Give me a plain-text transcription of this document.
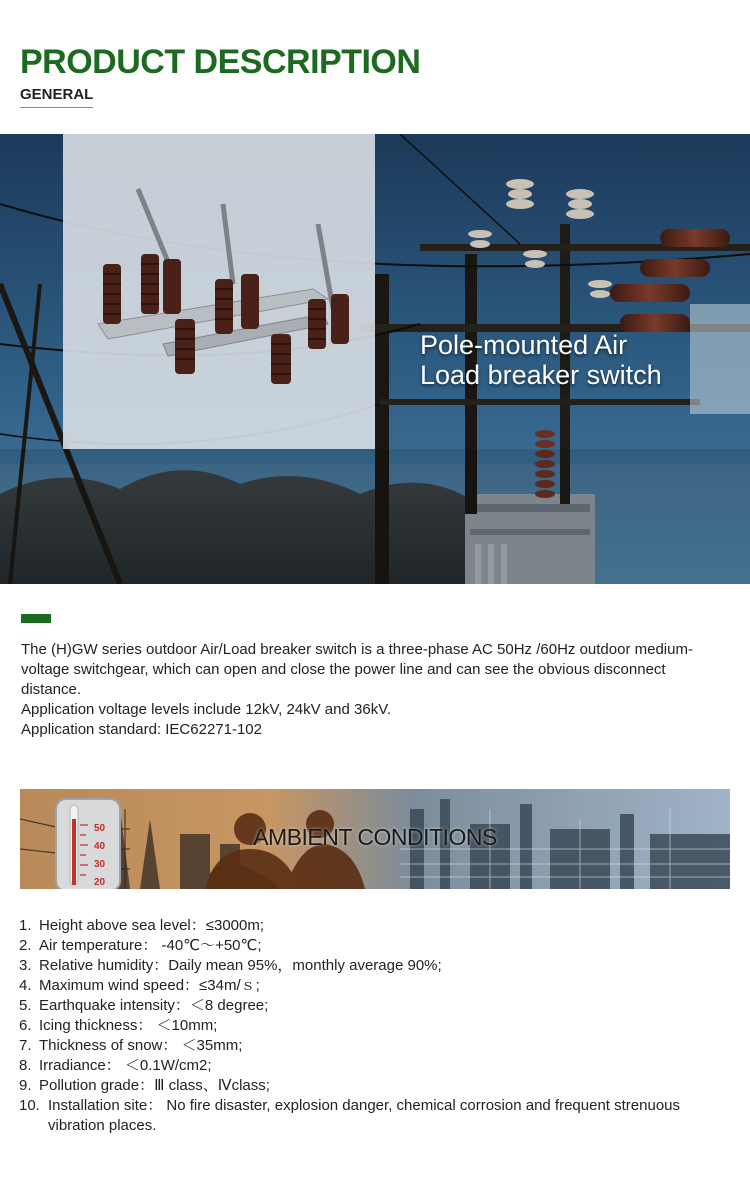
PRODUCT DESCRIPTION
GENERAL
Pole-mounted Air
Load breaker switch
The (H)GW series outdoor Air/Load breaker switch is a three-phase AC 50Hz /60Hz outdoor medium-voltage switchgear, which can open and close the power line and can see the obvious disconnect distance.
Application voltage levels include 12kV, 24kV and 36kV.
Application standard: IEC62271-102
50
40
30
20
AMBIENT CONDITIONS
1. Height above sea level：≤3000m;
2. Air temperature： -40℃～+50℃;
3. Relative humidity：Daily mean 95%，monthly average 90%;
4. Maximum wind speed：≤34m/ｓ;
5. Earthquake intensity：＜8 degree;
6. Icing thickness： ＜10mm;
7. Thickness of snow： ＜35mm;
8. Irradiance： ＜0.1W/cm2;
9. Pollution grade：Ⅲ class、Ⅳclass;
10. Installation site： No fire disaster, explosion danger, chemical corrosion and frequent strenuous vibration places.
